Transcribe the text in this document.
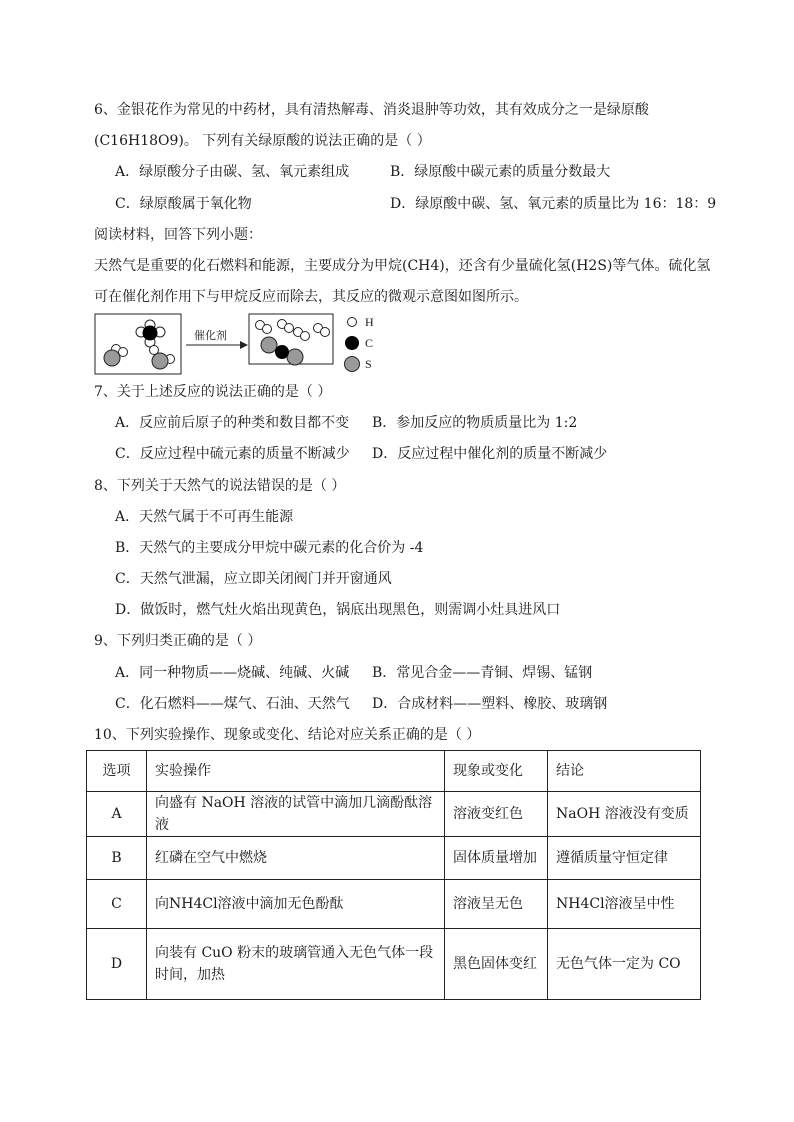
6、金银花作为常见的中药材，具有清热解毒、消炎退肿等功效，其有效成分之一是绿原酸
(C16H18O9)。 下列有关绿原酸的说法正确的是（ ）
A．绿原酸分子由碳、氢、氧元素组成	B．绿原酸中碳元素的质量分数最大
C．绿原酸属于氧化物	D．绿原酸中碳、氢、氧元素的质量比为 16：18：9
阅读材料，回答下列小题：
天然气是重要的化石燃料和能源，主要成分为甲烷(CH4)，还含有少量硫化氢(H2S)等气体。硫化氢
可在催化剂作用下与甲烷反应而除去，其反应的微观示意图如图所示。
催化剂
H
C
S
7、关于上述反应的说法正确的是（ ）
A．反应前后原子的种类和数目都不变 B．参加反应的物质质量比为 1:2
C．反应过程中硫元素的质量不断减少 D．反应过程中催化剂的质量不断减少
8、下列关于天然气的说法错误的是（ ）
A．天然气属于不可再生能源
B．天然气的主要成分甲烷中碳元素的化合价为 -4
C．天然气泄漏，应立即关闭阀门并开窗通风
D．做饭时，燃气灶火焰出现黄色，锅底出现黑色，则需调小灶具进风口
9、下列归类正确的是（ ）
A．同一种物质——烧碱、纯碱、火碱 B．常见合金——青铜、焊锡、锰钢
C．化石燃料——煤气、石油、天然气 D．合成材料——塑料、橡胶、玻璃钢
10、下列实验操作、现象或变化、结论对应关系正确的是（ ）
选项	实验操作	现象或变化	结论
A	向盛有 NaOH 溶液的试管中滴加几滴酚酞溶液	溶液变红色	NaOH 溶液没有变质
B	红磷在空气中燃烧	固体质量增加	遵循质量守恒定律
C	向NH4Cl溶液中滴加无色酚酞	溶液呈无色	NH4Cl溶液呈中性
D	向装有 CuO 粉末的玻璃管通入无色气体一段时间，加热	黑色固体变红	无色气体一定为 CO
